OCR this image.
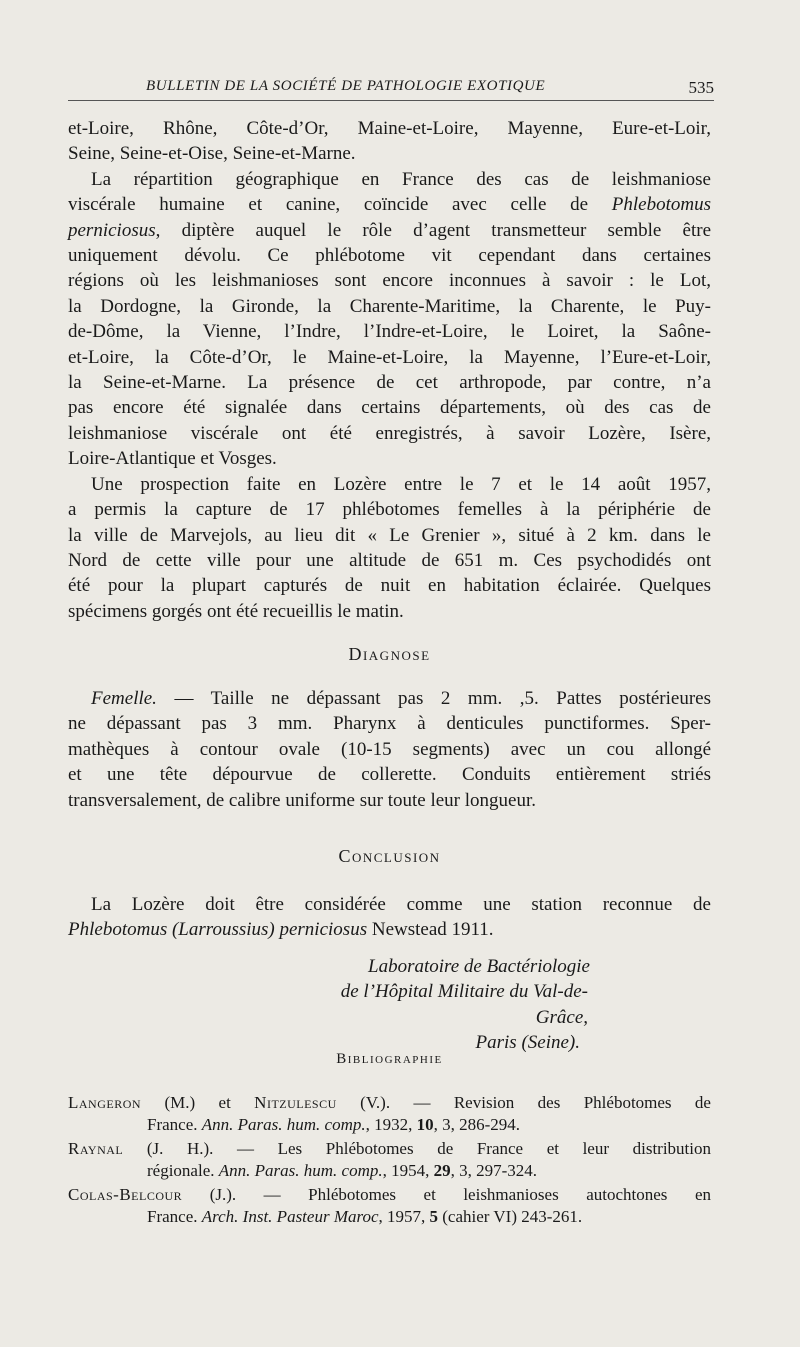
BULLETIN DE LA SOCIÉTÉ DE PATHOLOGIE EXOTIQUE	535

et-Loire, Rhône, Côte-d’Or, Maine-et-Loire, Mayenne, Eure-et-Loir,
Seine, Seine-et-Oise, Seine-et-Marne.

La répartition géographique en France des cas de leishmaniose
viscérale humaine et canine, coïncide avec celle de Phlebotomus
perniciosus, diptère auquel le rôle d’agent transmetteur semble être
uniquement dévolu. Ce phlébotome vit cependant dans certaines
régions où les leishmanioses sont encore inconnues à savoir : le Lot,
la Dordogne, la Gironde, la Charente-Maritime, la Charente, le Puy-
de-Dôme, la Vienne, l’Indre, l’Indre-et-Loire, le Loiret, la Saône-
et-Loire, la Côte-d’Or, le Maine-et-Loire, la Mayenne, l’Eure-et-Loir,
la Seine-et-Marne. La présence de cet arthropode, par contre, n’a
pas encore été signalée dans certains départements, où des cas de
leishmaniose viscérale ont été enregistrés, à savoir Lozère, Isère,
Loire-Atlantique et Vosges.

Une prospection faite en Lozère entre le 7 et le 14 août 1957,
a permis la capture de 17 phlébotomes femelles à la périphérie de
la ville de Marvejols, au lieu dit « Le Grenier », situé à 2 km. dans le
Nord de cette ville pour une altitude de 651 m. Ces psychodidés ont
été pour la plupart capturés de nuit en habitation éclairée. Quelques
spécimens gorgés ont été recueillis le matin.

Diagnose
Femelle. — Taille ne dépassant pas 2 mm. ,5. Pattes postérieures
ne dépassant pas 3 mm. Pharynx à denticules punctiformes. Sper-
mathèques à contour ovale (10-15 segments) avec un cou allongé
et une tête dépourvue de collerette. Conduits entièrement striés
transversalement, de calibre uniforme sur toute leur longueur.
Conclusion
La Lozère doit être considérée comme une station reconnue de
Phlebotomus (Larroussius) perniciosus Newstead 1911.
Laboratoire de Bactériologie
de l’Hôpital Militaire du Val-de-Grâce,
Paris (Seine).
Bibliographie
Langeron (M.) et Nitzulescu (V.). — Revision des Phlébotomes de
France. Ann. Paras. hum. comp., 1932, 10, 3, 286-294.
Raynal (J. H.). — Les Phlébotomes de France et leur distribution
régionale. Ann. Paras. hum. comp., 1954, 29, 3, 297-324.
Colas-Belcour (J.). — Phlébotomes et leishmanioses autochtones en
France. Arch. Inst. Pasteur Maroc, 1957, 5 (cahier VI) 243-261.
